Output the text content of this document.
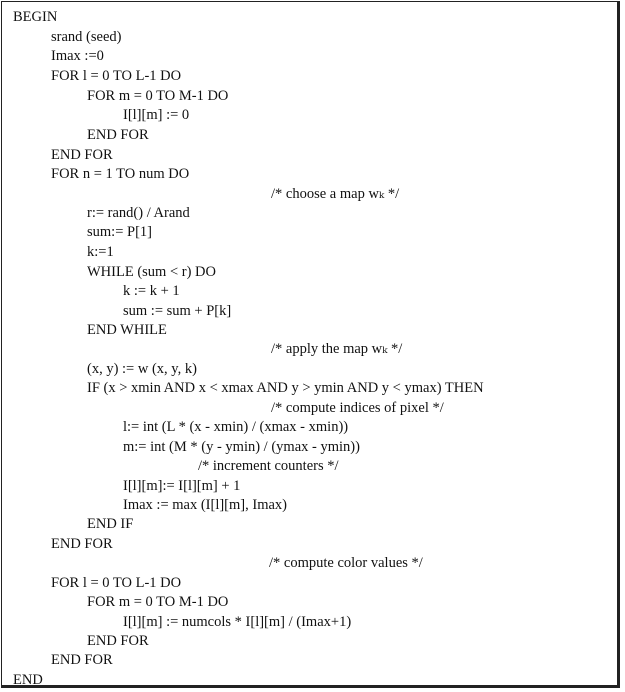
BEGIN
srand (seed)
Imax :=0
FOR l = 0 TO L-1 DO
FOR m = 0 TO M-1 DO
I[l][m] := 0
END FOR
END FOR
FOR n = 1 TO num DO
/* choose a map wₖ */
r:= rand() / Arand
sum:= P[1]
k:=1
WHILE (sum < r) DO
k := k + 1
sum := sum + P[k]
END WHILE
/* apply the map wₖ */
(x, y) := w (x, y, k)
IF (x > xmin AND x < xmax AND y > ymin AND y < ymax) THEN
/* compute indices of pixel */
l:= int (L * (x - xmin) / (xmax - xmin))
m:= int (M * (y - ymin) / (ymax - ymin))
/* increment counters */
I[l][m]:= I[l][m] + 1
Imax := max (I[l][m], Imax)
END IF
END FOR
/* compute color values */
FOR l = 0 TO L-1 DO
FOR m = 0 TO M-1 DO
I[l][m] := numcols * I[l][m] / (Imax+1)
END FOR
END FOR
END
